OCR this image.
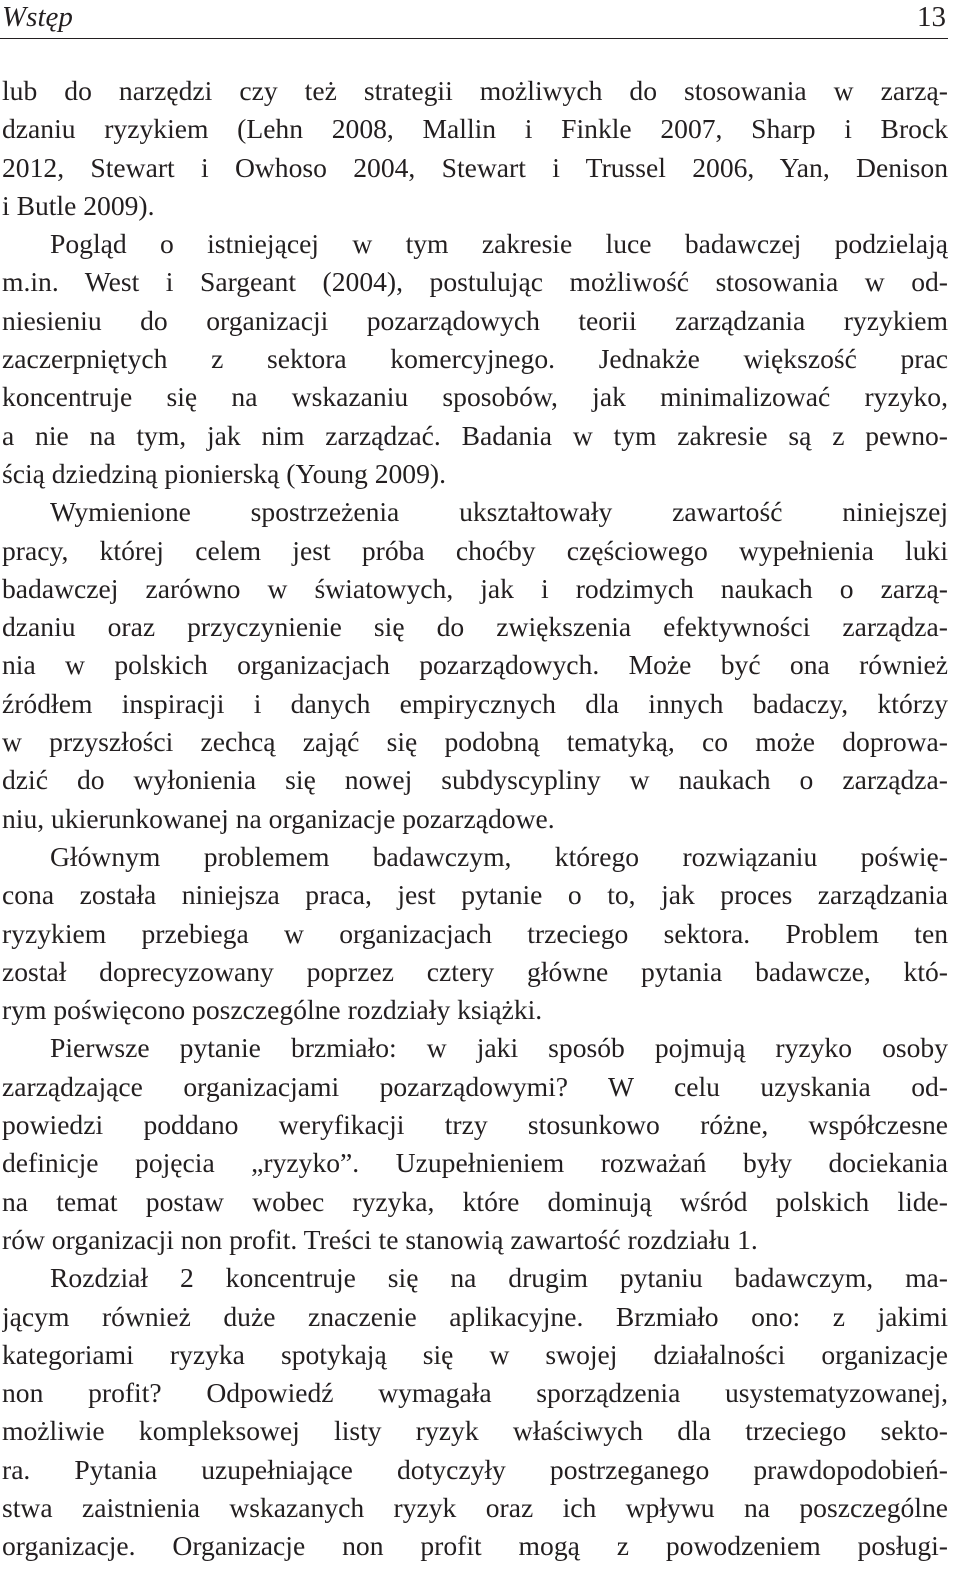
Wstęp	13
lub do narzędzi czy też strategii możliwych do stosowania w zarzą-
dzaniu ryzykiem (Lehn 2008, Mallin i Finkle 2007, Sharp i Brock
2012, Stewart i Owhoso 2004, Stewart i Trussel 2006, Yan, Denison
i Butle 2009).
Pogląd o istniejącej w tym zakresie luce badawczej podzielają
m.in. West i Sargeant (2004), postulując możliwość stosowania w od-
niesieniu do organizacji pozarządowych teorii zarządzania ryzykiem
zaczerpniętych z sektora komercyjnego. Jednakże większość prac
koncentruje się na wskazaniu sposobów, jak minimalizować ryzyko,
a nie na tym, jak nim zarządzać. Badania w tym zakresie są z pewno-
ścią dziedziną pionierską (Young 2009).
Wymienione spostrzeżenia ukształtowały zawartość niniejszej
pracy, której celem jest próba choćby częściowego wypełnienia luki
badawczej zarówno w światowych, jak i rodzimych naukach o zarzą-
dzaniu oraz przyczynienie się do zwiększenia efektywności zarządza-
nia w polskich organizacjach pozarządowych. Może być ona również
źródłem inspiracji i danych empirycznych dla innych badaczy, którzy
w przyszłości zechcą zająć się podobną tematyką, co może doprowa-
dzić do wyłonienia się nowej subdyscypliny w naukach o zarządza-
niu, ukierunkowanej na organizacje pozarządowe.
Głównym problemem badawczym, którego rozwiązaniu poświę-
cona została niniejsza praca, jest pytanie o to, jak proces zarządzania
ryzykiem przebiega w organizacjach trzeciego sektora. Problem ten
został doprecyzowany poprzez cztery główne pytania badawcze, któ-
rym poświęcono poszczególne rozdziały książki.
Pierwsze pytanie brzmiało: w jaki sposób pojmują ryzyko osoby
zarządzające organizacjami pozarządowymi? W celu uzyskania od-
powiedzi poddano weryfikacji trzy stosunkowo różne, współczesne
definicje pojęcia „ryzyko”. Uzupełnieniem rozważań były dociekania
na temat postaw wobec ryzyka, które dominują wśród polskich lide-
rów organizacji non profit. Treści te stanowią zawartość rozdziału 1.
Rozdział 2 koncentruje się na drugim pytaniu badawczym, ma-
jącym również duże znaczenie aplikacyjne. Brzmiało ono: z jakimi
kategoriami ryzyka spotykają się w swojej działalności organizacje
non profit? Odpowiedź wymagała sporządzenia usystematyzowanej,
możliwie kompleksowej listy ryzyk właściwych dla trzeciego sekto-
ra. Pytania uzupełniające dotyczyły postrzeganego prawdopodobień-
stwa zaistnienia wskazanych ryzyk oraz ich wpływu na poszczególne
organizacje. Organizacje non profit mogą z powodzeniem posługi-
